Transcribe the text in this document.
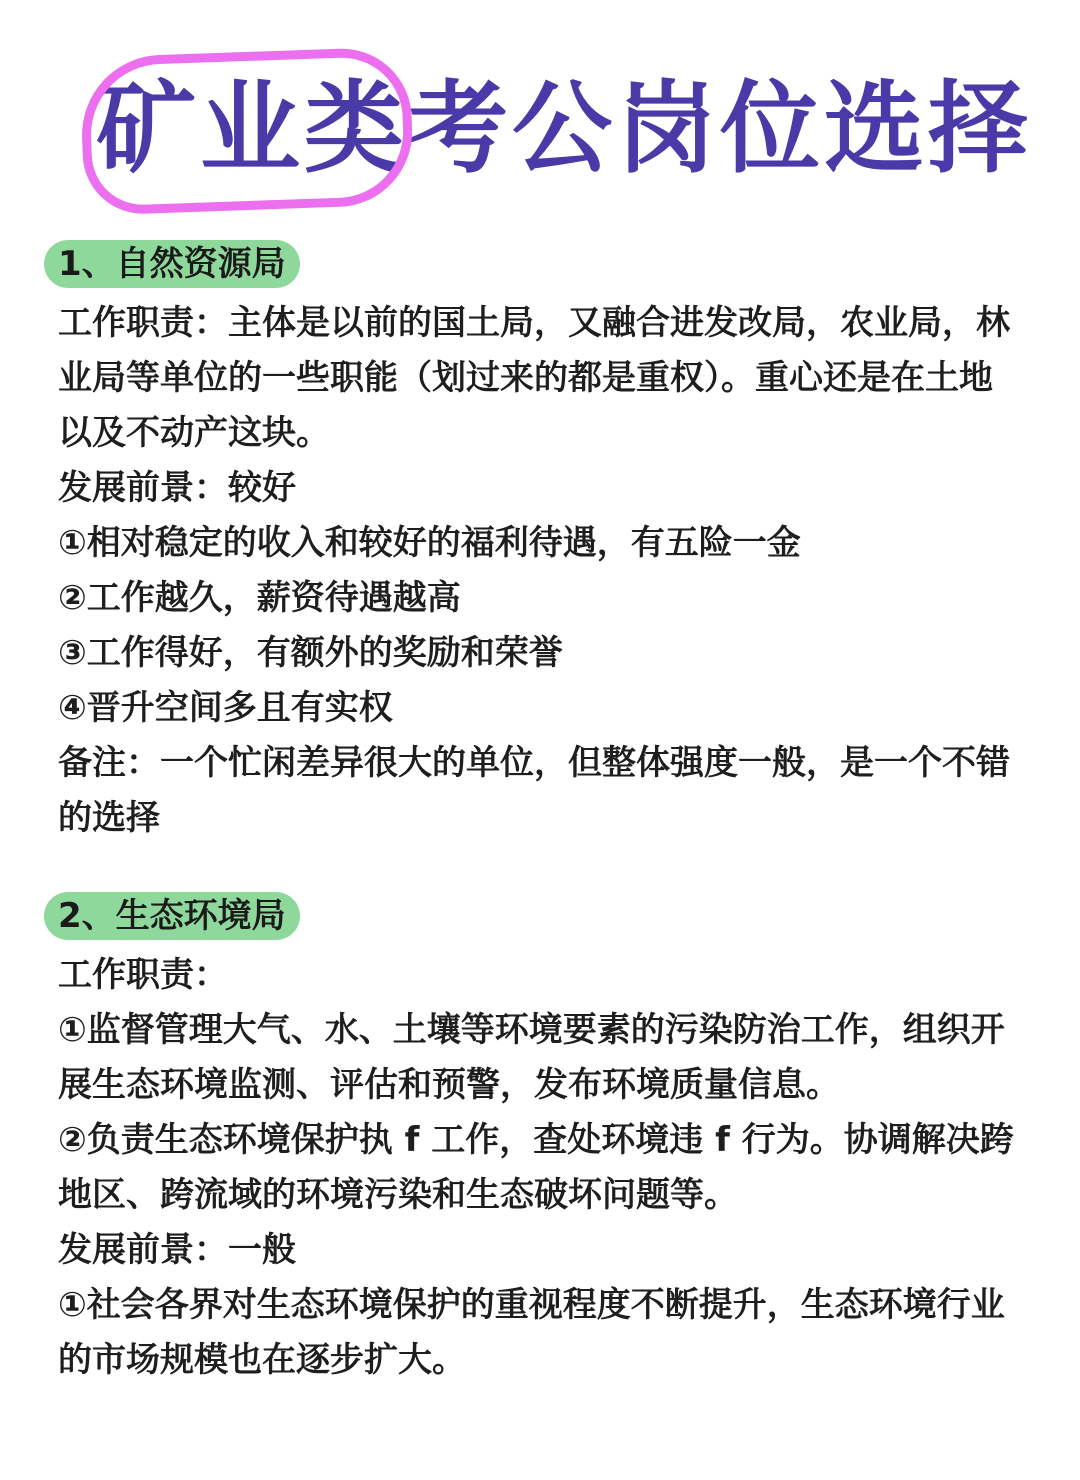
矿业类考公岗位选择
1、自然资源局
工作职责：主体是以前的国土局，又融合进发改局，农业局，林业局等单位的一些职能（划过来的都是重权）。重心还是在土地以及不动产这块。
发展前景：较好
①相对稳定的收入和较好的福利待遇，有五险一金
②工作越久，薪资待遇越高
③工作得好，有额外的奖励和荣誉
④晋升空间多且有实权
备注：一个忙闲差异很大的单位，但整体强度一般，是一个不错的选择
2、生态环境局
工作职责：
①监督管理大气、水、土壤等环境要素的污染防治工作，组织开展生态环境监测、评估和预警，发布环境质量信息。
②负责生态环境保护执 f 工作，查处环境违 f 行为。协调解决跨地区、跨流域的环境污染和生态破坏问题等。
发展前景：一般
①社会各界对生态环境保护的重视程度不断提升，生态环境行业的市场规模也在逐步扩大。
